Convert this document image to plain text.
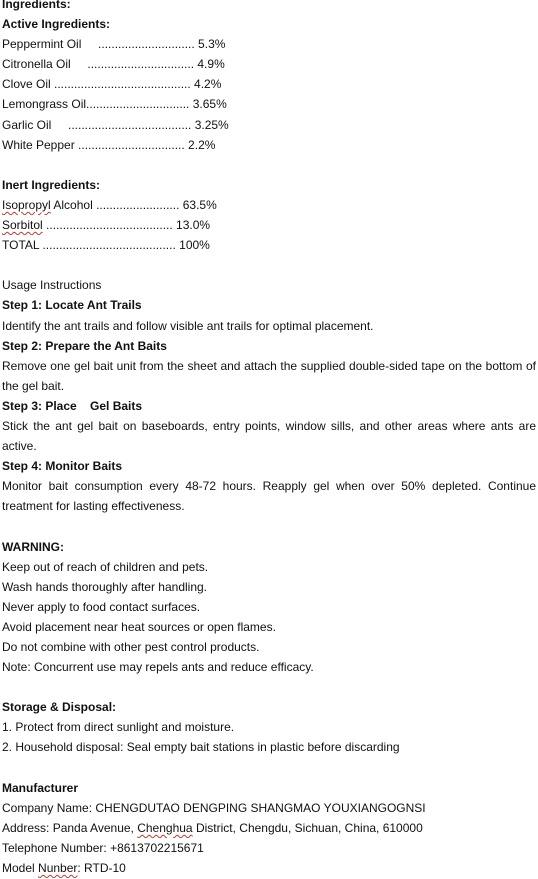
Ingredients:
Active Ingredients:
Peppermint Oil     ............................. 5.3%
Citronella Oil     ................................ 4.9%
Clove Oil ......................................... 4.2%
Lemongrass Oil............................... 3.65%
Garlic Oil     ..................................... 3.25%
White Pepper ................................ 2.2%
Inert Ingredients:
Isopropyl Alcohol ......................... 63.5%
Sorbitol ...................................... 13.0%
TOTAL ........................................ 100%
Usage Instructions
Step 1: Locate Ant Trails
Identify the ant trails and follow visible ant trails for optimal placement.
Step 2: Prepare the Ant Baits
Remove one gel bait unit from the sheet and attach the supplied double-sided tape on the bottom of the gel bait.
Step 3: Place    Gel Baits
Stick the ant gel bait on baseboards, entry points, window sills, and other areas where ants are active.
Step 4: Monitor Baits
Monitor bait consumption every 48-72 hours. Reapply gel when over 50% depleted. Continue treatment for lasting effectiveness.
WARNING:
Keep out of reach of children and pets.
Wash hands thoroughly after handling.
Never apply to food contact surfaces.
Avoid placement near heat sources or open flames.
Do not combine with other pest control products.
Note: Concurrent use may repels ants and reduce efficacy.
Storage & Disposal:
1. Protect from direct sunlight and moisture.
2. Household disposal: Seal empty bait stations in plastic before discarding
Manufacturer
Company Name: CHENGDUTAO DENGPING SHANGMAO YOUXIANGOGNSI
Address: Panda Avenue, Chenghua District, Chengdu, Sichuan, China, 610000
Telephone Number: +8613702215671
Model Nunber: RTD-10
